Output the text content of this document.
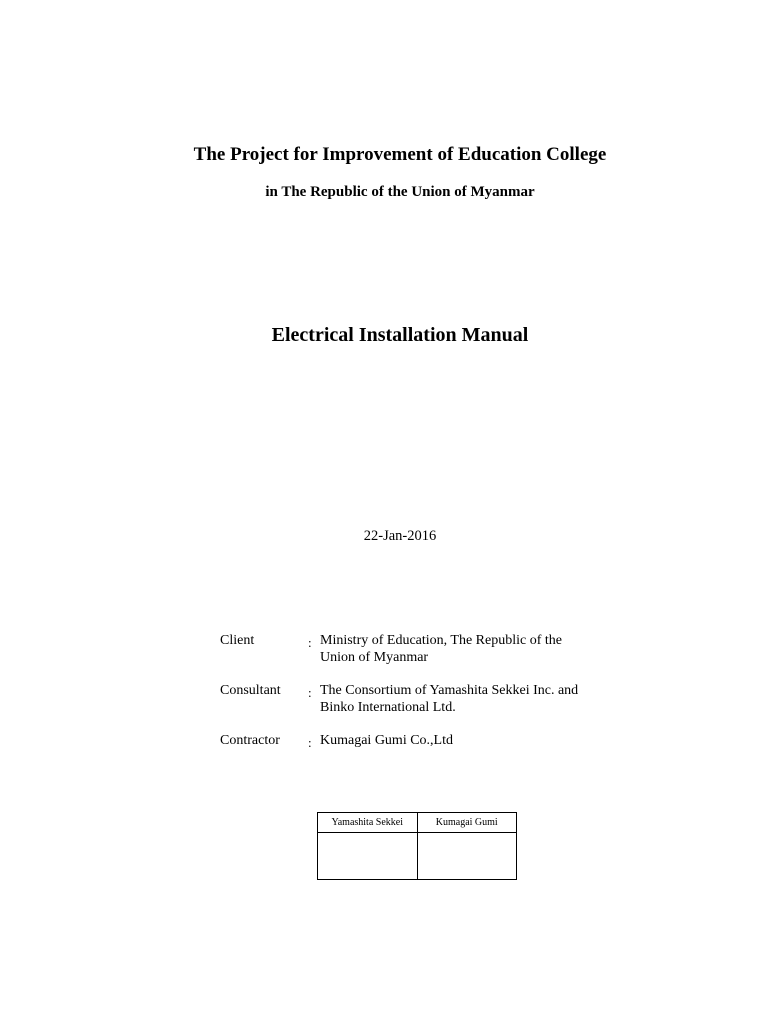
The Project for Improvement of Education College
in The Republic of the Union of Myanmar
Electrical Installation Manual
22-Jan-2016
Client	: Ministry of Education, The Republic of the Union of Myanmar
Consultant : The Consortium of Yamashita Sekkei Inc. and Binko International Ltd.
Contractor : Kumagai Gumi Co.,Ltd
Yamashita Sekkei	Kumagai Gumi
